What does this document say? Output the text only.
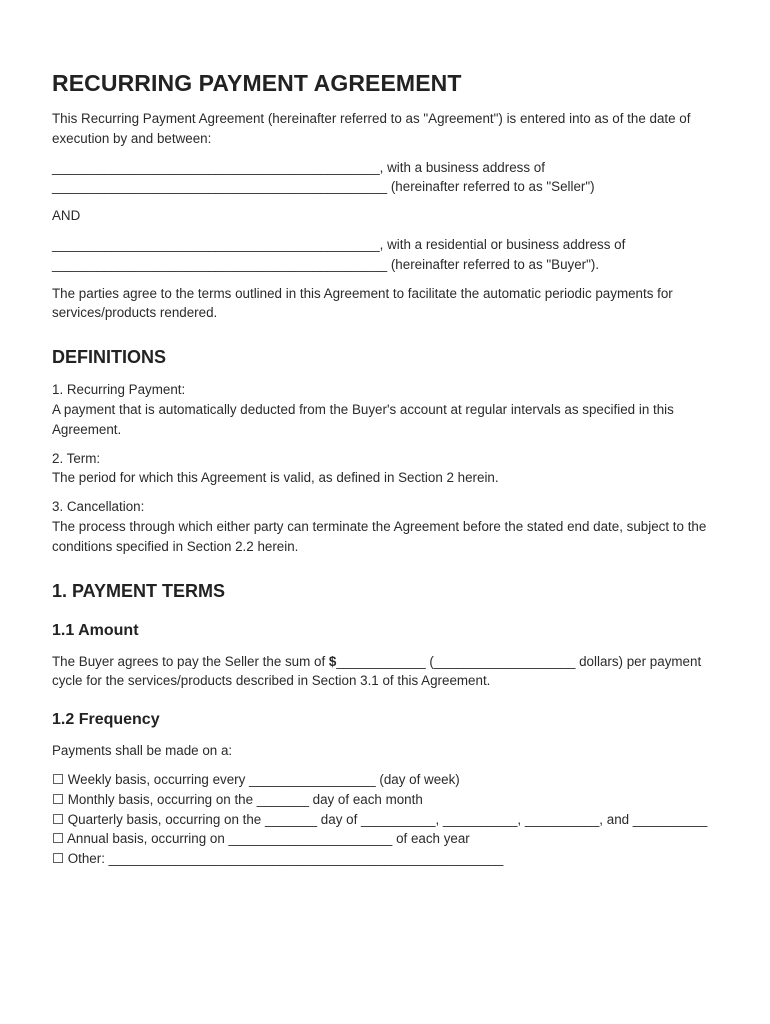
RECURRING PAYMENT AGREEMENT

This Recurring Payment Agreement (hereinafter referred to as "Agreement") is entered into as of the date of execution by and between:

____________________________________________, with a business address of
_____________________________________________ (hereinafter referred to as "Seller")

AND

____________________________________________, with a residential or business address of
_____________________________________________ (hereinafter referred to as "Buyer").

The parties agree to the terms outlined in this Agreement to facilitate the automatic periodic payments for services/products rendered.

DEFINITIONS

1. Recurring Payment:
A payment that is automatically deducted from the Buyer's account at regular intervals as specified in this Agreement.

2. Term:
The period for which this Agreement is valid, as defined in Section 2 herein.

3. Cancellation:
The process through which either party can terminate the Agreement before the stated end date, subject to the conditions specified in Section 2.2 herein.

1. PAYMENT TERMS
1.1 Amount

The Buyer agrees to pay the Seller the sum of $____________ (___________________ dollars) per payment cycle for the services/products described in Section 3.1 of this Agreement.

1.2 Frequency

Payments shall be made on a:

☐ Weekly basis, occurring every _________________ (day of week)
☐ Monthly basis, occurring on the _______ day of each month
☐ Quarterly basis, occurring on the _______ day of __________, __________, __________, and __________
☐ Annual basis, occurring on ______________________ of each year
☐ Other: _____________________________________________________
